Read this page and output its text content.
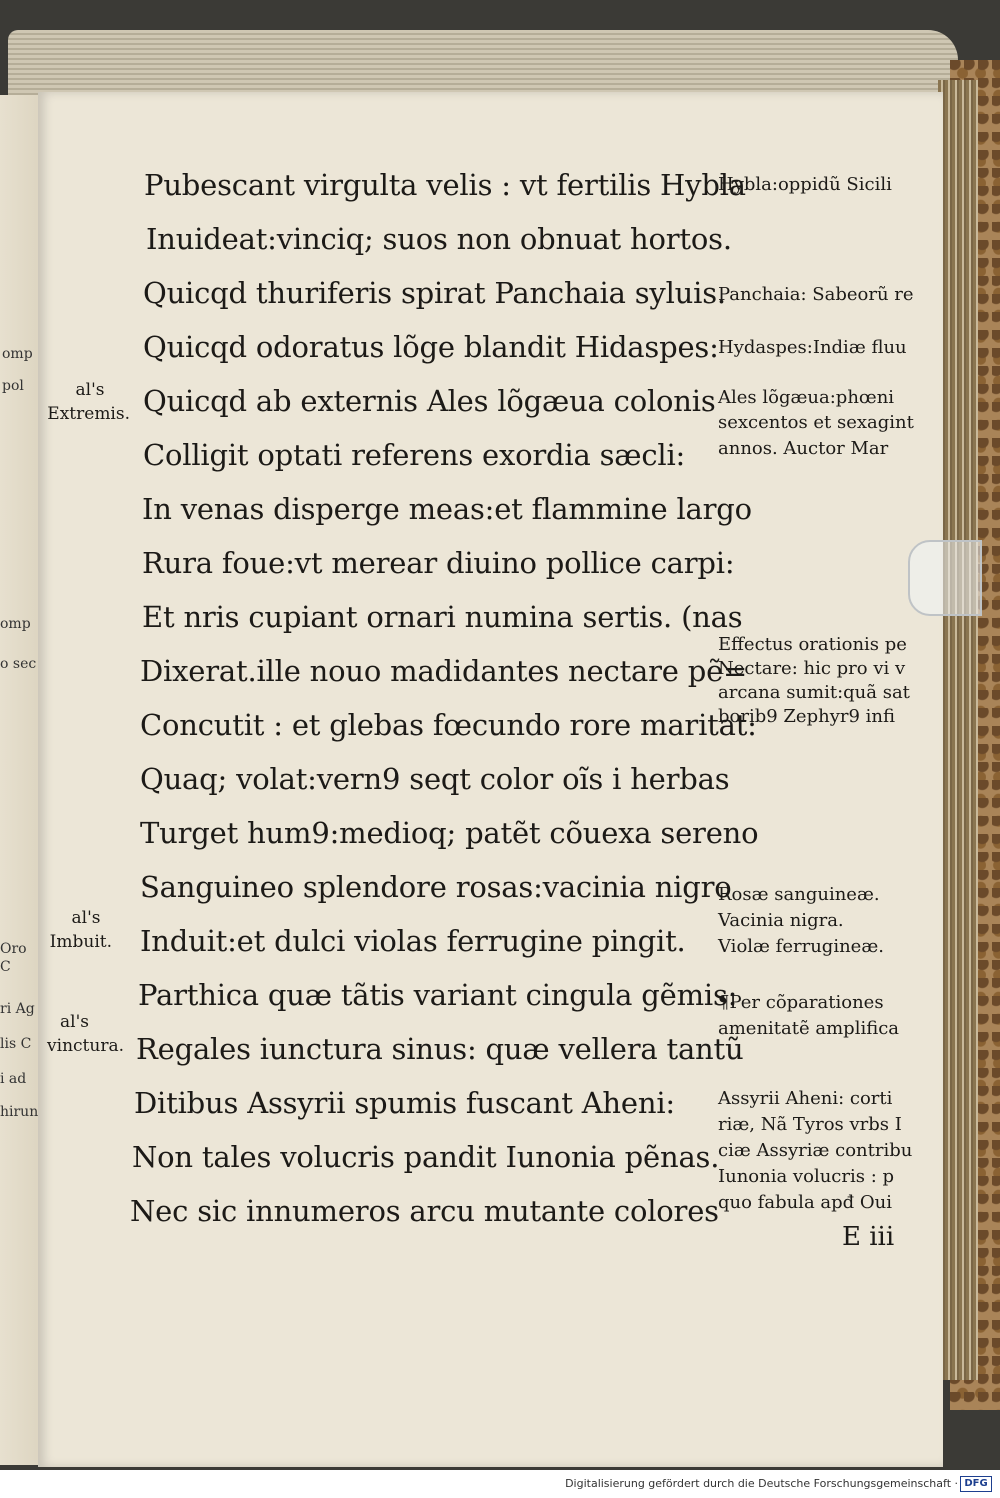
omp
pol
omp
o sec
Oro C
ri Ag
lis C
i ad
hirun
Pubescant virgulta velis : vt fertilis Hybla
Inuideat:vinciq; suos non obnuat hortos.
Quicqd thuriferis spirat Panchaia syluis.
Quicqd odoratus lõge blandit Hidaspes:
Quicqd ab externis Ales lõgæua colonis
Colligit optati referens exordia sæcli:
In venas disperge meas:et flammine largo
Rura foue:vt merear diuino pollice carpi:
Et nris cupiant ornari numina sertis. (nas
Dixerat.ille nouo madidantes nectare pẽ=
Concutit : et glebas fœcundo rore maritat:
Quaq; volat:vern9 seqt color oĩs i herbas
Turget hum9:medioq; patẽt cõuexa sereno
Sanguineo splendore rosas:vacinia nigro
Induit:et dulci violas ferrugine pingit.
Parthica quæ tãtis variant cingula gẽmis:
Regales iunctura sinus: quæ vellera tantũ
Ditibus Assyrii spumis fuscant Aheni:
Non tales volucris pandit Iunonia pẽnas.
Nec sic innumeros arcu mutante colores
Hybla:oppidũ Sicili
Panchaia: Sabeorũ re
Hydaspes:Indiæ fluu
Ales lõgæua:phœni
sexcentos et sexagint
annos. Auctor Mar
Effectus orationis pe
Nectare: hic pro vi v
arcana sumit:quã sat
borib9 Zephyr9 infi
Rosæ sanguineæ.
Vacinia nigra.
Violæ ferrugineæ.
¶Per cõparationes
amenitatẽ amplifica
Assyrii Aheni: corti
riæ, Nã Tyros vrbs I
ciæ Assyriæ contribu
Iunonia volucris : p
quo fabula apđ Oui
al's
Extremis.
al's
Imbuit.
al's
vinctura.
E iii
Digitalisierung gefördert durch die Deutsche Forschungsgemeinschaft · DFG
